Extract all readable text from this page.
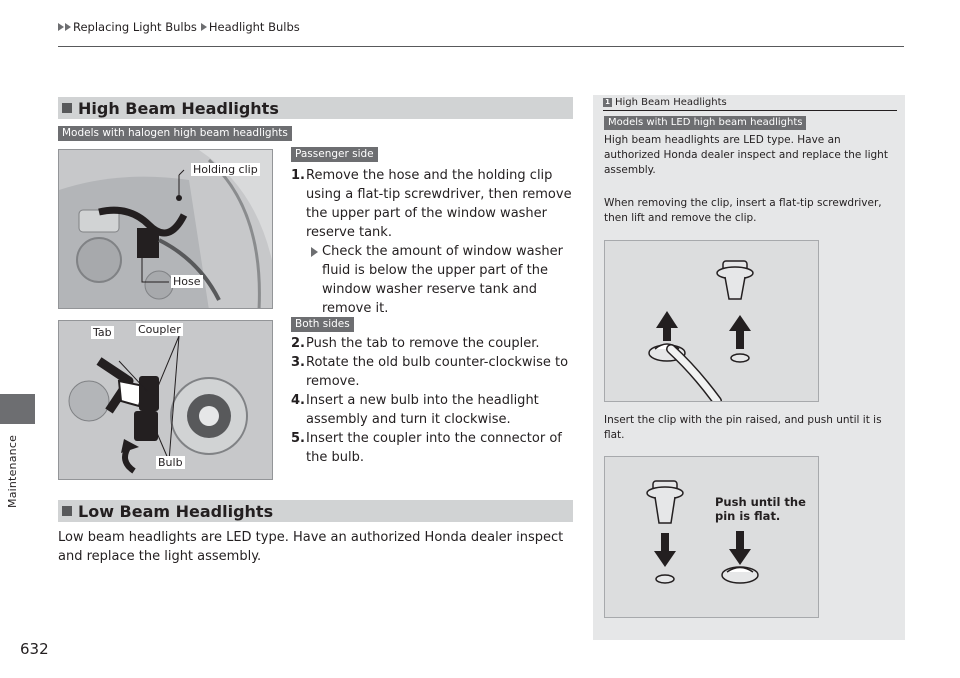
Replacing Light Bulbs Headlight Bulbs
Maintenance
High Beam Headlights
Models with halogen high beam headlights
Holding clip
Hose
Tab Coupler
Bulb
Passenger side
1. Remove the hose and the holding clip using a flat-tip screwdriver, then remove the upper part of the window washer reserve tank.
Check the amount of window washer fluid is below the upper part of the window washer reserve tank and remove it.
Both sides
2. Push the tab to remove the coupler.
3. Rotate the old bulb counter-clockwise to remove.
4. Insert a new bulb into the headlight assembly and turn it clockwise.
5. Insert the coupler into the connector of the bulb.
Low Beam Headlights
Low beam headlights are LED type. Have an authorized Honda dealer inspect and replace the light assembly.
1 High Beam Headlights
Models with LED high beam headlights
High beam headlights are LED type. Have an authorized Honda dealer inspect and replace the light assembly.
When removing the clip, insert a flat-tip screwdriver, then lift and remove the clip.
Insert the clip with the pin raised, and push until it is flat.
Push until the pin is flat.
632
